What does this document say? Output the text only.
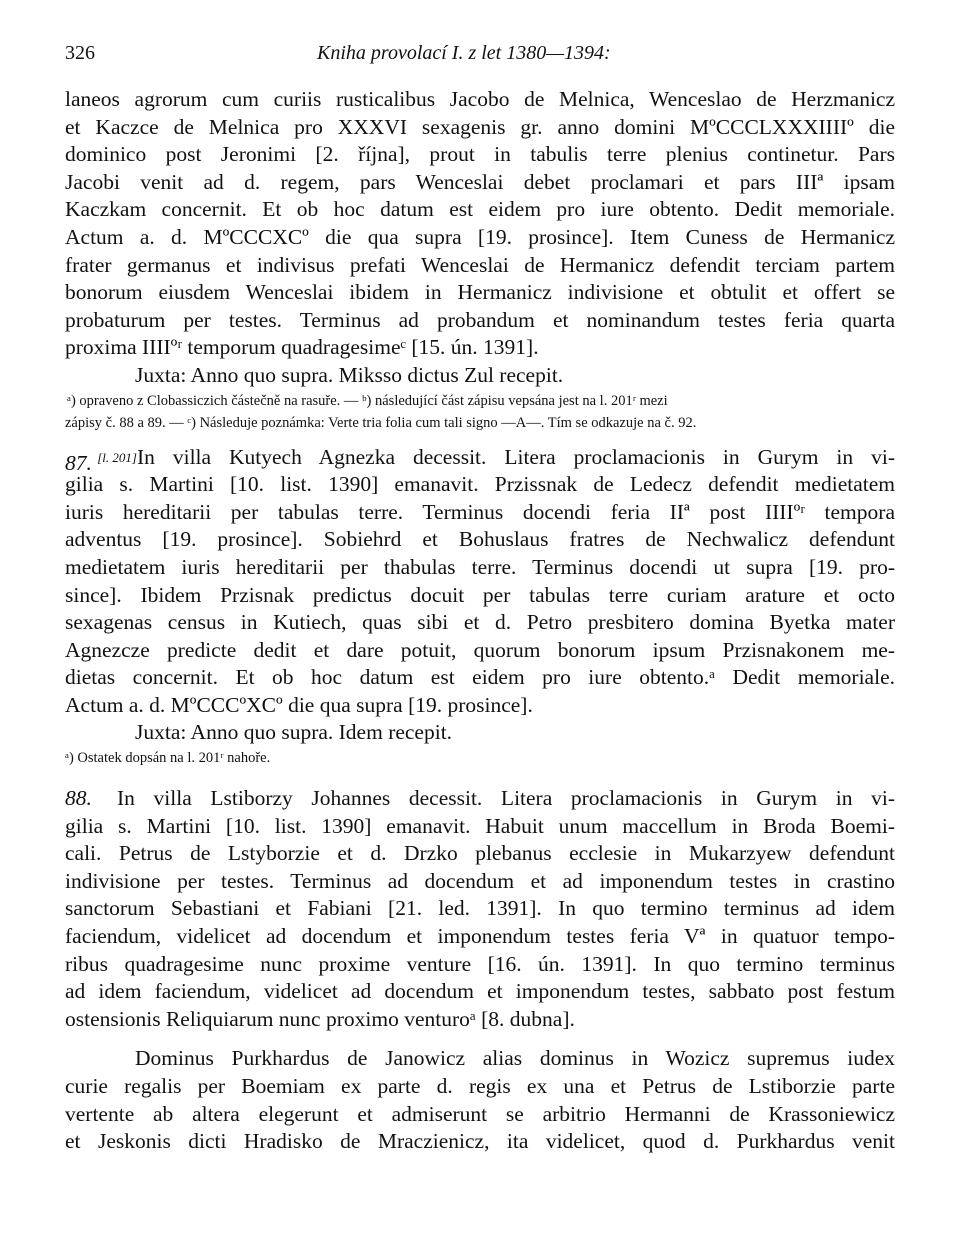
326	Kniha provolací I. z let 1380—1394:
laneos agrorum cum curiis rusticalibus Jacobo de Melnica, Wenceslao de Herzmanicz
et Kaczce de Melnica pro XXXVI sexagenis gr. anno domini MºCCCLXXXIIIIº die
dominico post Jeronimi [2. října], prout in tabulis terre plenius continetur. Pars
Jacobi venit ad d. regem, pars Wenceslai debet proclamari et pars IIIª ipsam
Kaczkam concernit. Et ob hoc datum est eidem pro iure obtento. Dedit memoriale.
Actum a. d. MºCCCXCº die qua supra [19. prosince]. Item Cuness de Hermanicz
frater germanus et indivisus prefati Wenceslai de Hermanicz defendit terciam partem
bonorum eiusdem Wenceslai ibidem in Hermanicz indivisione et obtulit et offert se
probaturum per testes. Terminus ad probandum et nominandum testes feria quarta
proxima IIIIºʳ temporum quadragesimeᶜ [15. ún. 1391].
Juxta: Anno quo supra. Miksso dictus Zul recepit.
ᵃ) opraveno z Clobassiczich částečně na rasuře. — ᵇ) následující část zápisu vepsána jest na l. 201ʳ mezi
zápisy č. 88 a 89. — ᶜ) Následuje poznámka: Verte tria folia cum tali signo —A—. Tím se odkazuje na č. 92.
87. [l. 201] In villa Kutyech Agnezka decessit. Litera proclamacionis in Gurym in vi-
gilia s. Martini [10. list. 1390] emanavit. Przissnak de Ledecz defendit medietatem
iuris hereditarii per tabulas terre. Terminus docendi feria IIª post IIIIºʳ tempora
adventus [19. prosince]. Sobiehrd et Bohuslaus fratres de Nechwalicz defendunt
medietatem iuris hereditarii per thabulas terre. Terminus docendi ut supra [19. pro-
since]. Ibidem Przisnak predictus docuit per tabulas terre curiam arature et octo
sexagenas census in Kutiech, quas sibi et d. Petro presbitero domina Byetka mater
Agnezcze predicte dedit et dare potuit, quorum bonorum ipsum Przisnakonem me-
dietas concernit. Et ob hoc datum est eidem pro iure obtento.ᵃ Dedit memoriale.
Actum a. d. MºCCCºXCº die qua supra [19. prosince].
Juxta: Anno quo supra. Idem recepit.
ᵃ) Ostatek dopsán na l. 201ʳ nahoře.
88. In villa Lstiborzy Johannes decessit. Litera proclamacionis in Gurym in vi-
gilia s. Martini [10. list. 1390] emanavit. Habuit unum maccellum in Broda Boemi-
cali. Petrus de Lstyborzie et d. Drzko plebanus ecclesie in Mukarzyew defendunt
indivisione per testes. Terminus ad docendum et ad imponendum testes in crastino
sanctorum Sebastiani et Fabiani [21. led. 1391]. In quo termino terminus ad idem
faciendum, videlicet ad docendum et imponendum testes feria Vª in quatuor tempo-
ribus quadragesime nunc proxime venture [16. ún. 1391]. In quo termino terminus
ad idem faciendum, videlicet ad docendum et imponendum testes, sabbato post festum
ostensionis Reliquiarum nunc proximo venturoᵃ [8. dubna].
Dominus Purkhardus de Janowicz alias dominus in Wozicz supremus iudex
curie regalis per Boemiam ex parte d. regis ex una et Petrus de Lstiborzie parte
vertente ab altera elegerunt et admiserunt se arbitrio Hermanni de Krassoniewicz
et Jeskonis dicti Hradisko de Mraczienicz, ita videlicet, quod d. Purkhardus venit
